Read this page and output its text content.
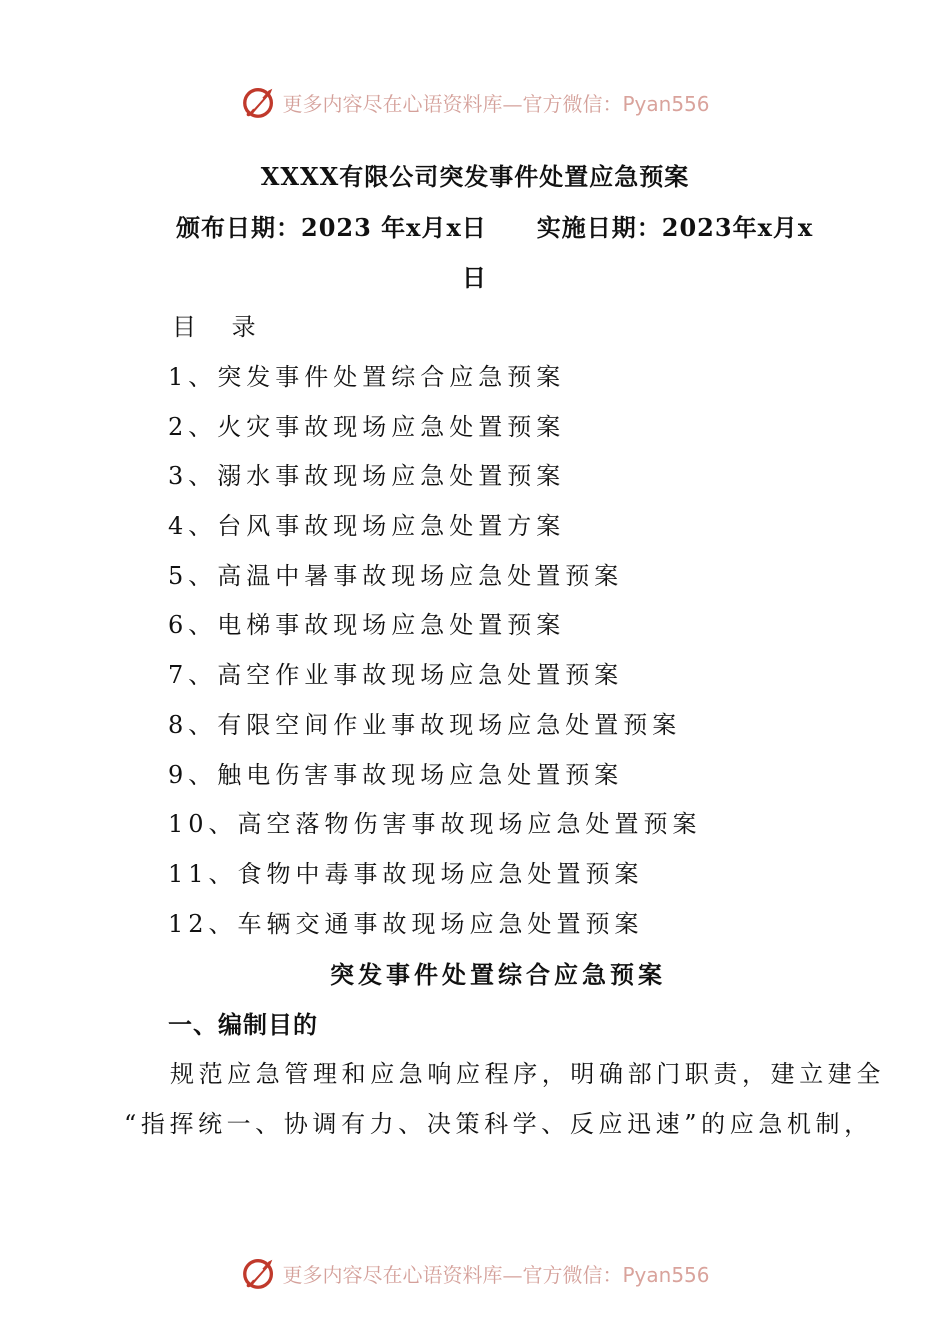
更多内容尽在心语资料库—官方微信：Pyan556
XXXX有限公司突发事件处置应急预案
颁布日期：2023 年x月x日 实施日期：2023年x月x
日
目 录
1、突发事件处置综合应急预案
2、火灾事故现场应急处置预案
3、溺水事故现场应急处置预案
4、台风事故现场应急处置方案
5、高温中暑事故现场应急处置预案
6、电梯事故现场应急处置预案
7、高空作业事故现场应急处置预案
8、有限空间作业事故现场应急处置预案
9、触电伤害事故现场应急处置预案
10、高空落物伤害事故现场应急处置预案
11、食物中毒事故现场应急处置预案
12、车辆交通事故现场应急处置预案
突发事件处置综合应急预案
一、编制目的
规范应急管理和应急响应程序，明确部门职责，建立建全
“指挥统一、协调有力、决策科学、反应迅速”的应急机制，
更多内容尽在心语资料库—官方微信：Pyan556
